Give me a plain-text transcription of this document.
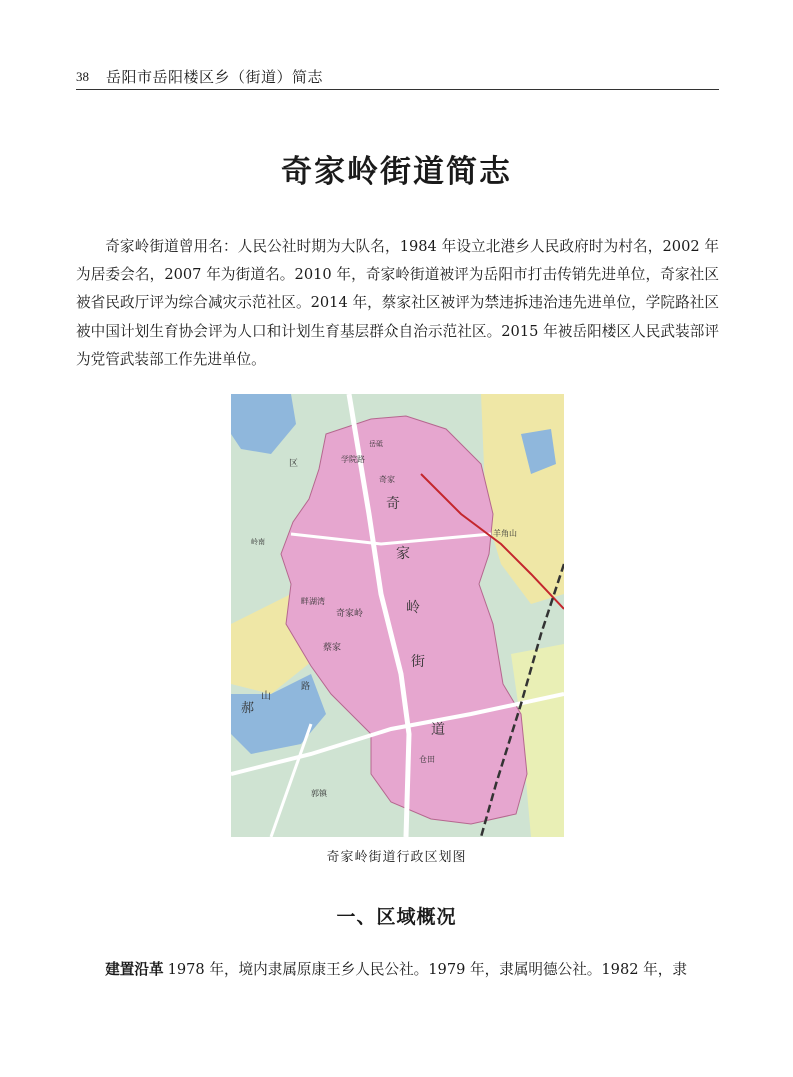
38 岳阳市岳阳楼区乡（街道）简志
奇家岭街道简志

奇家岭街道曾用名：人民公社时期为大队名，1984 年设立北港乡人民政府时为村名，2002 年为居委会名，2007 年为街道名。2010 年，奇家岭街道被评为岳阳市打击传销先进单位，奇家社区被省民政厅评为综合减灾示范社区。2014 年，蔡家社区被评为禁违拆违治违先进单位，学院路社区被中国计划生育协会评为人口和计划生育基层群众自治示范社区。2015 年被岳阳楼区人民武装部评为党管武装部工作先进单位。

奇
家
岭
街
道
学院路
岳砥
奇家
畔湖湾
奇家岭
蔡家
羊角山
仓田
郭镇
岭南
郝
山
区
路
奇家岭街道行政区划图
一、区域概况

建置沿革 1978 年，境内隶属原康王乡人民公社。1979 年，隶属明德公社。1982 年，隶
